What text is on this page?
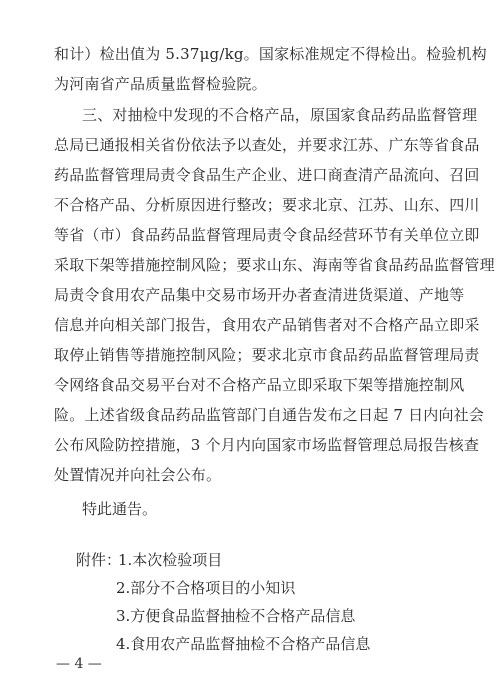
和计）检出值为 5.37μg/kg。国家标准规定不得检出。检验机构
为河南省产品质量监督检验院。
三、对抽检中发现的不合格产品，原国家食品药品监督管理
总局已通报相关省份依法予以查处，并要求江苏、广东等省食品
药品监督管理局责令食品生产企业、进口商查清产品流向、召回
不合格产品、分析原因进行整改；要求北京、江苏、山东、四川
等省（市）食品药品监督管理局责令食品经营环节有关单位立即
采取下架等措施控制风险；要求山东、海南等省食品药品监督管理
局责令食用农产品集中交易市场开办者查清进货渠道、产地等
信息并向相关部门报告，食用农产品销售者对不合格产品立即采
取停止销售等措施控制风险；要求北京市食品药品监督管理局责
令网络食品交易平台对不合格产品立即采取下架等措施控制风
险。上述省级食品药品监管部门自通告发布之日起 7 日内向社会
公布风险防控措施，3 个月内向国家市场监督管理总局报告核查
处置情况并向社会公布。
特此通告。
附件：
1.本次检验项目
2.部分不合格项目的小知识
3.方便食品监督抽检不合格产品信息
4.食用农产品监督抽检不合格产品信息
— 4 —
